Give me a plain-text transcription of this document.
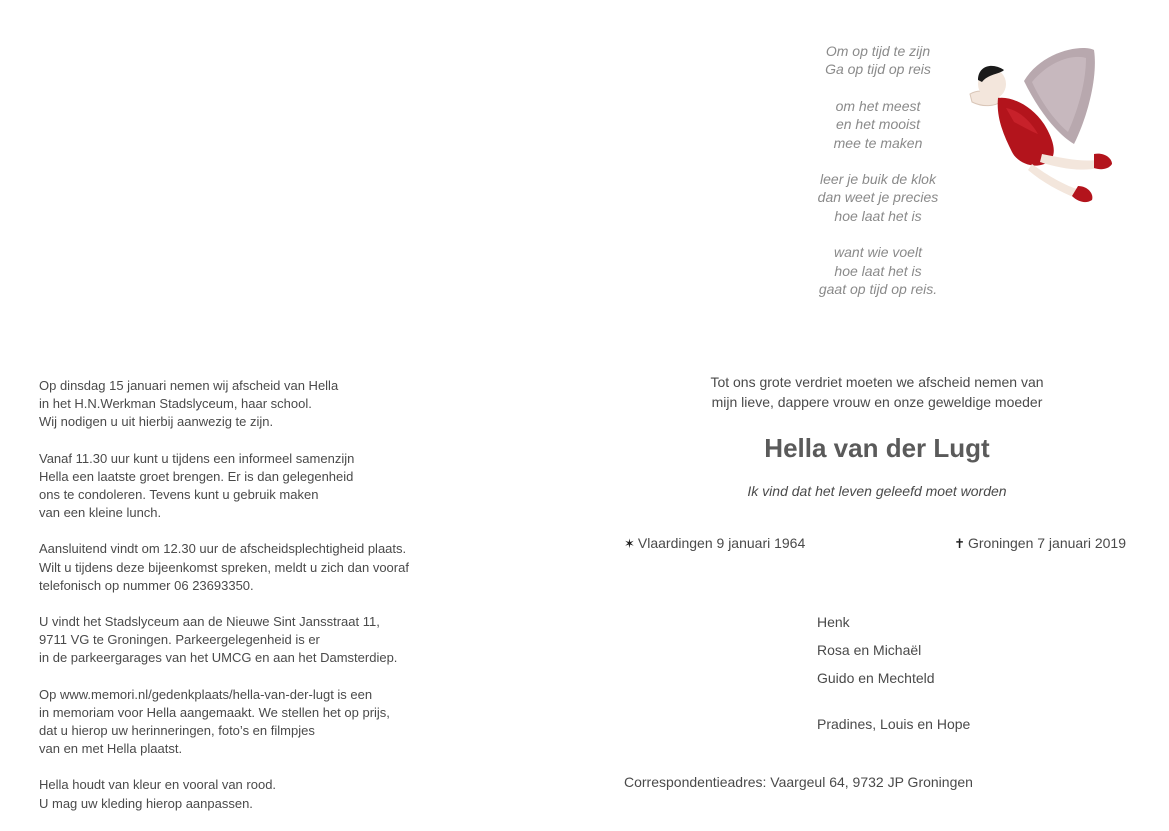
Om op tijd te zijn
Ga op tijd op reis
om het meest
en het mooist
mee te maken
leer je buik de klok
dan weet je precies
hoe laat het is
want wie voelt
hoe laat het is
gaat op tijd op reis.

Op dinsdag 15 januari nemen wij afscheid van Hella
in het H.N.Werkman Stadslyceum, haar school.
Wij nodigen u uit hierbij aanwezig te zijn.

Vanaf 11.30 uur kunt u tijdens een informeel samenzijn
Hella een laatste groet brengen. Er is dan gelegenheid
ons te condoleren. Tevens kunt u gebruik maken
van een kleine lunch.

Aansluitend vindt om 12.30 uur de afscheidsplechtigheid plaats.
Wilt u tijdens deze bijeenkomst spreken, meldt u zich dan vooraf
telefonisch op nummer 06 23693350.

U vindt het Stadslyceum aan de Nieuwe Sint Jansstraat 11,
9711 VG te Groningen. Parkeergelegenheid is er
in de parkeergarages van het UMCG en aan het Damsterdiep.

Op www.memori.nl/gedenkplaats/hella-van-der-lugt is een
in memoriam voor Hella aangemaakt. We stellen het op prijs,
dat u hierop uw herinneringen, foto’s en filmpjes
van en met Hella plaatst.

Hella houdt van kleur en vooral van rood.
U mag uw kleding hierop aanpassen.

Tot ons grote verdriet moeten we afscheid nemen van
mijn lieve, dappere vrouw en onze geweldige moeder
Hella van der Lugt
Ik vind dat het leven geleefd moet worden
✶ Vlaardingen 9 januari 1964	✝ Groningen 7 januari 2019
Henk
Rosa en Michaël
Guido en Mechteld
Pradines, Louis en Hope
Correspondentieadres: Vaargeul 64, 9732 JP Groningen
